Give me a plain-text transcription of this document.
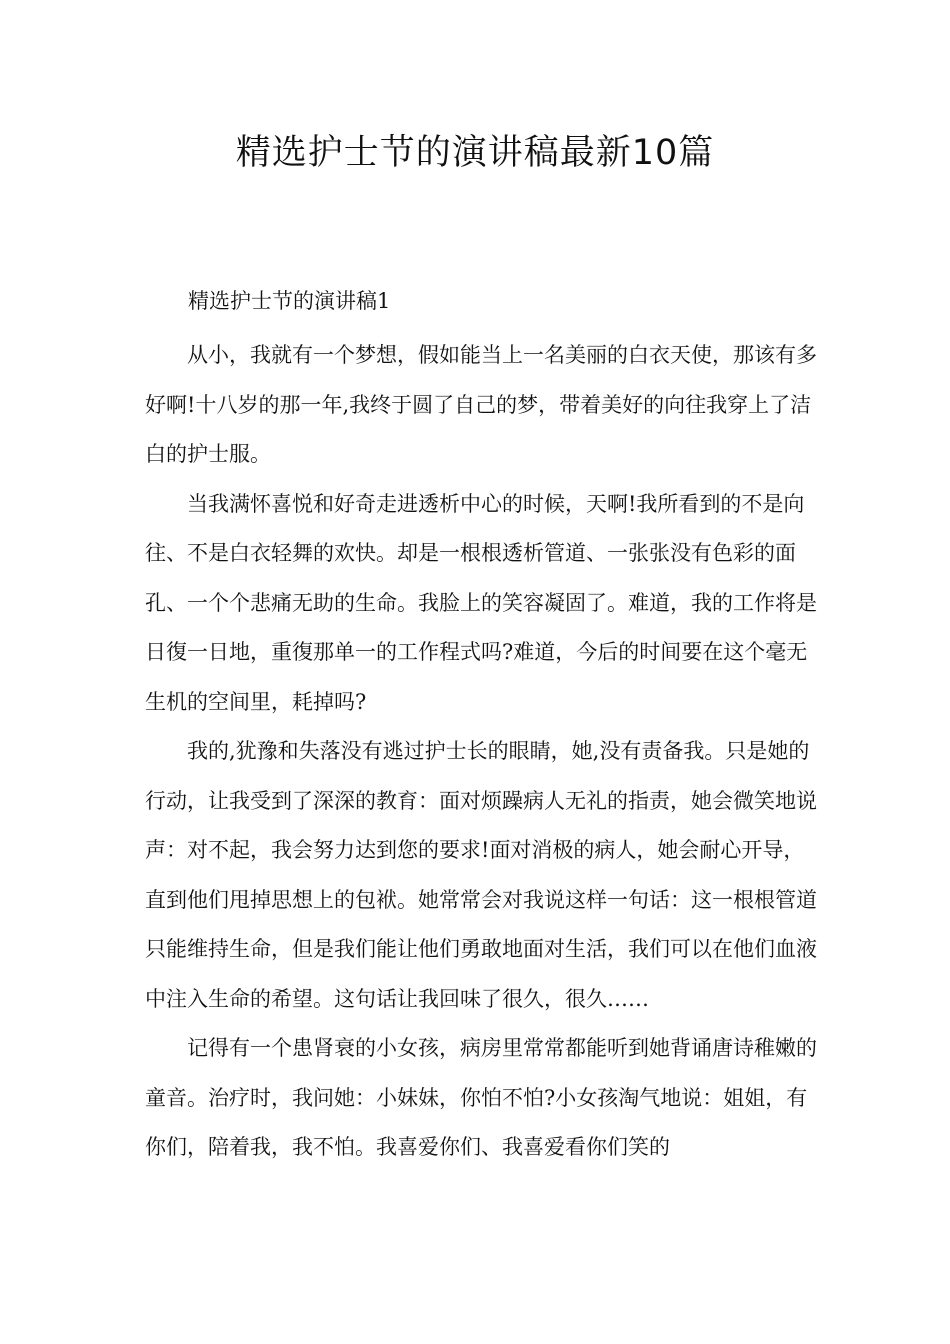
精选护士节的演讲稿最新10篇
精选护士节的演讲稿1

从小，我就有一个梦想，假如能当上一名美丽的白衣天使，那该有多好啊!十八岁的那一年,我终于圆了自己的梦，带着美好的向往我穿上了洁白的护士服。

当我满怀喜悦和好奇走进透析中心的时候，天啊!我所看到的不是向往、不是白衣轻舞的欢快。却是一根根透析管道、一张张没有色彩的面孔、一个个悲痛无助的生命。我脸上的笑容凝固了。难道，我的工作将是日復一日地，重復那单一的工作程式吗?难道，今后的时间要在这个毫无生机的空间里，耗掉吗?

我的,犹豫和失落没有逃过护士长的眼睛，她,没有责备我。只是她的行动，让我受到了深深的教育：面对烦躁病人无礼的指责，她会微笑地说声：对不起，我会努力达到您的要求!面对消极的病人，她会耐心开导，直到他们甩掉思想上的包袱。她常常会对我说这样一句话：这一根根管道只能维持生命，但是我们能让他们勇敢地面对生活，我们可以在他们血液中注入生命的希望。这句话让我回味了很久，很久……

记得有一个患肾衰的小女孩，病房里常常都能听到她背诵唐诗稚嫩的童音。治疗时，我问她：小妹妹，你怕不怕?小女孩淘气地说：姐姐，有你们，陪着我，我不怕。我喜爱你们、我喜爱看你们笑的
